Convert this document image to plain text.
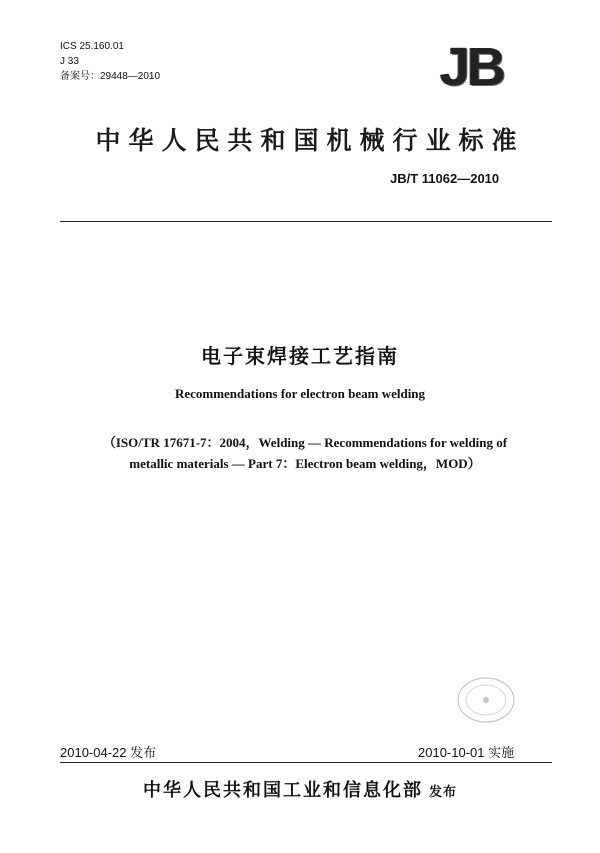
ICS 25.160.01
J 33
备案号：29448—2010	JB
中华人民共和国机械行业标准
JB/T 11062—2010
电子束焊接工艺指南
Recommendations for electron beam welding
（ISO/TR 17671-7：2004，Welding — Recommendations for welding of
metallic materials — Part 7：Electron beam welding，MOD）
2010-04-22 发布	2010-10-01 实施
中华人民共和国工业和信息化部 发布
